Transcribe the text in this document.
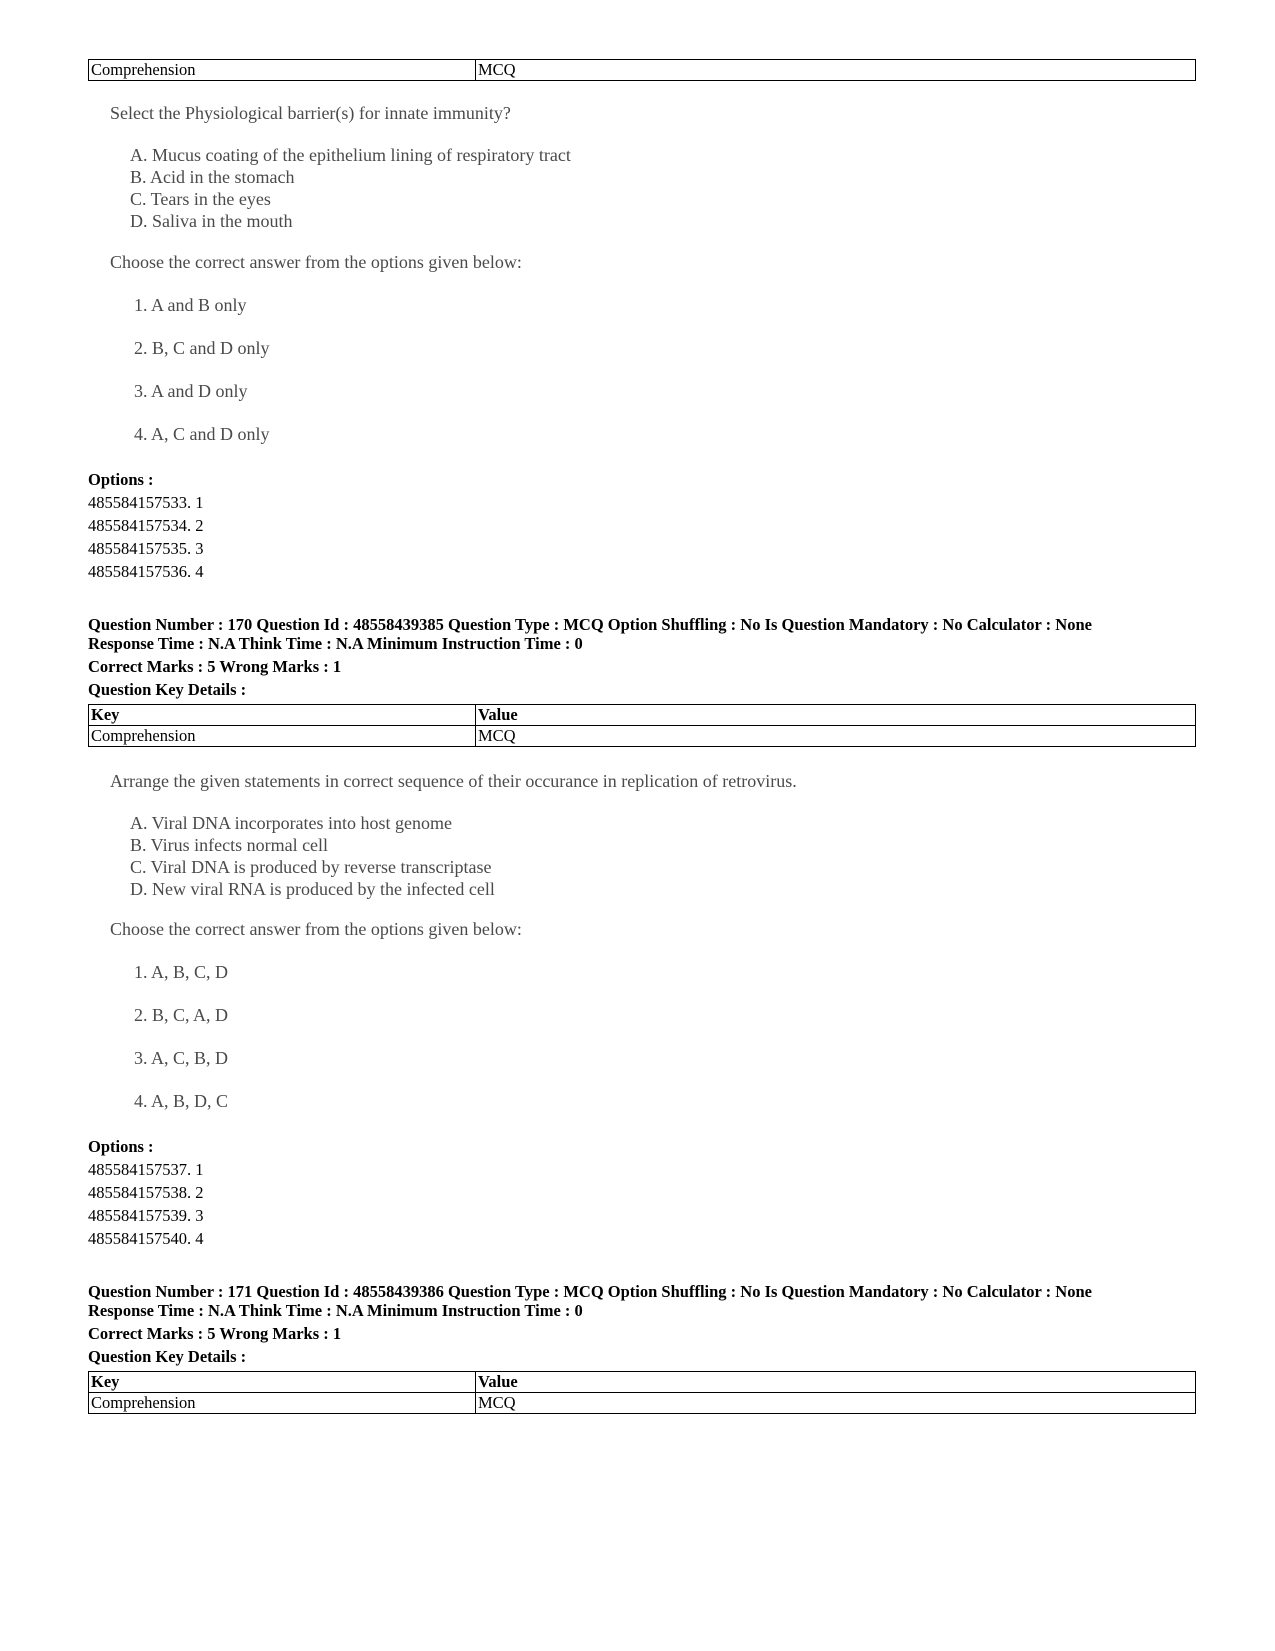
Comprehension	MCQ
Select the Physiological barrier(s) for innate immunity?
A. Mucus coating of the epithelium lining of respiratory tract
B. Acid in the stomach
C. Tears in the eyes
D. Saliva in the mouth
Choose the correct answer from the options given below:
1. A and B only
2. B, C and D only
3. A and D only
4. A, C and D only
Options :
485584157533. 1
485584157534. 2
485584157535. 3
485584157536. 4
Question Number : 170 Question Id : 48558439385 Question Type : MCQ Option Shuffling : No Is Question Mandatory : No Calculator : None
Response Time : N.A Think Time : N.A Minimum Instruction Time : 0
Correct Marks : 5 Wrong Marks : 1
Question Key Details :
Key	Value
Comprehension	MCQ
Arrange the given statements in correct sequence of their occurance in replication of retrovirus.
A. Viral DNA incorporates into host genome
B. Virus infects normal cell
C. Viral DNA is produced by reverse transcriptase
D. New viral RNA is produced by the infected cell
Choose the correct answer from the options given below:
1. A, B, C, D
2. B, C, A, D
3. A, C, B, D
4. A, B, D, C
Options :
485584157537. 1
485584157538. 2
485584157539. 3
485584157540. 4
Question Number : 171 Question Id : 48558439386 Question Type : MCQ Option Shuffling : No Is Question Mandatory : No Calculator : None
Response Time : N.A Think Time : N.A Minimum Instruction Time : 0
Correct Marks : 5 Wrong Marks : 1
Question Key Details :
Key	Value
Comprehension	MCQ
